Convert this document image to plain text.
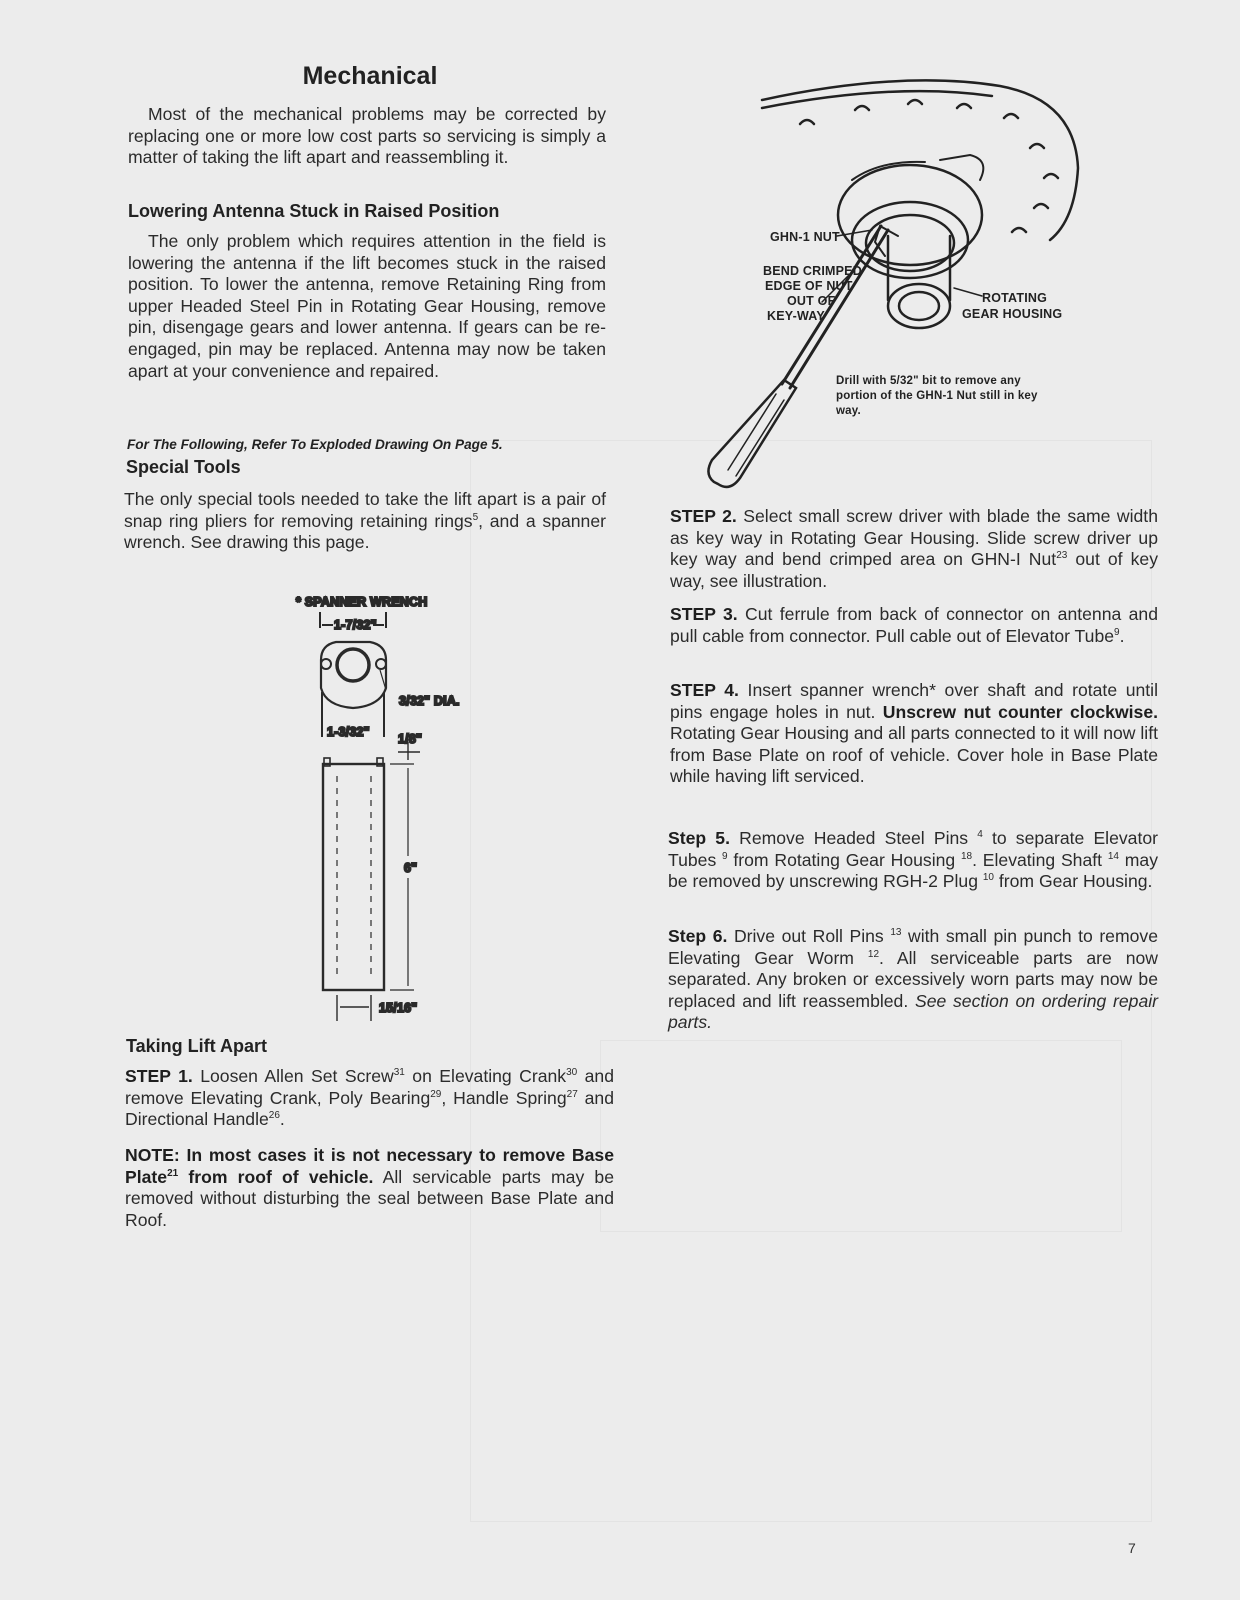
Mechanical

Most of the mechanical problems may be corrected by replacing one or more low cost parts so servicing is simply a matter of taking the lift apart and reassembling it.

Lowering Antenna Stuck in Raised Position

The only problem which requires attention in the field is lowering the antenna if the lift becomes stuck in the raised position. To lower the antenna, remove Retaining Ring from upper Headed Steel Pin in Rotating Gear Housing, remove pin, disengage gears and lower antenna. If gears can be re-engaged, pin may be replaced. Antenna may now be taken apart at your convenience and repaired.

For The Following, Refer To Exploded Drawing On Page 5.
Special Tools

The only special tools needed to take the lift apart is a pair of snap ring pliers for removing retaining rings$^5$, and a spanner wrench. See drawing this page.

* SPANNER WRENCH
1-7/32"
3/32" DIA.
1-3/32" 1/8"
6"
15/16"
Taking Lift Apart

STEP 1. Loosen Allen Set Screw$^{31}$ on Elevating Crank$^{30}$ and remove Elevating Crank, Poly Bearing$^{29}$, Handle Spring$^{27}$ and Directional Handle$^{26}$.

NOTE: In most cases it is not necessary to remove Base Plate$^{21}$ from roof of vehicle. All servicable parts may be removed without disturbing the seal between Base Plate and Roof.

GHN-1 NUT
BEND CRIMPED
EDGE OF NUT
OUT OF
KEY-WAY
ROTATING
GEAR HOUSING
Drill with 5/32" bit to remove any
portion of the GHN-1 Nut still in key
way.

STEP 2. Select small screw driver with blade the same width as key way in Rotating Gear Housing. Slide screw driver up key way and bend crimped area on GHN-I Nut$^{23}$ out of key way, see illustration.

STEP 3. Cut ferrule from back of connector on antenna and pull cable from connector. Pull cable out of Elevator Tube$^9$.

STEP 4. Insert spanner wrench* over shaft and rotate until pins engage holes in nut. Unscrew nut counter clockwise. Rotating Gear Housing and all parts connected to it will now lift from Base Plate on roof of vehicle. Cover hole in Base Plate while having lift serviced.

Step 5. Remove Headed Steel Pins $^4$ to separate Elevator Tubes $^9$ from Rotating Gear Housing $^{18}$. Elevating Shaft $^{14}$ may be removed by unscrewing RGH-2 Plug $^{10}$ from Gear Housing.

Step 6. Drive out Roll Pins $^{13}$ with small pin punch to remove Elevating Gear Worm $^{12}$. All serviceable parts are now separated. Any broken or excessively worn parts may now be replaced and lift reassembled. See section on ordering repair parts.

7
